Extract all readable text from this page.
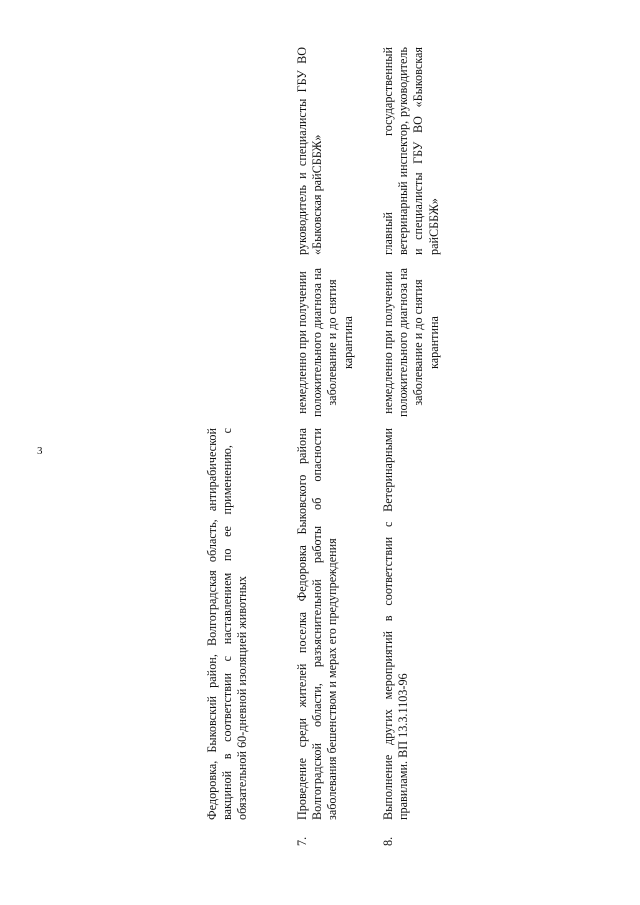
3	Федоровка, Быковский район, Волгоградская область, антирабической вакциной в соответствии с наставлением по ее применению, с обязательной 60-дневной изоляцией животных

7.

Проведение среди жителей поселка Федоровка Быковского района Волгоградской области, разъяснительной работы об опасности заболевания бешенством и мерах его предупреждения

немедленно при получении положительного диагноза на заболевание и до снятия карантина

руководитель и специалисты ГБУ ВО «Быковская райСББЖ»

8.

Выполнение других мероприятий в соответствии с Ветеринарными правилами. ВП 13.3.1103-96

немедленно при получении положительного диагноза на заболевание и до снятия карантина

главный государственный ветеринарный инспектор, руководитель и специалисты ГБУ ВО «Быковская райСББЖ»
